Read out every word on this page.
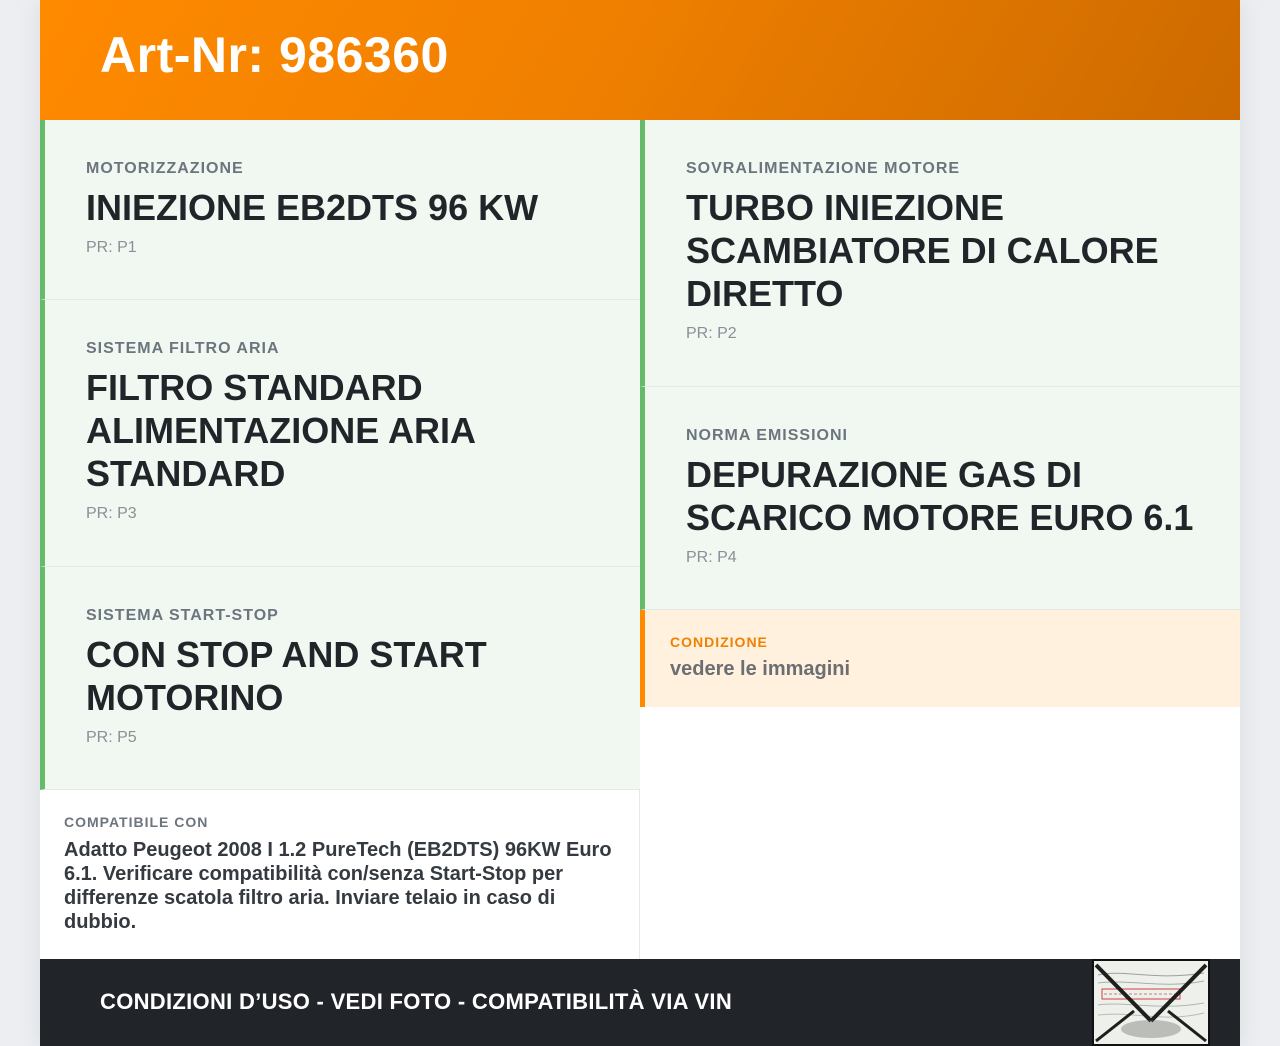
Art-Nr: 986360
MOTORIZZAZIONE
INIEZIONE EB2DTS 96 KW
PR: P1
SISTEMA FILTRO ARIA
FILTRO STANDARD ALIMENTAZIONE ARIA STANDARD
PR: P3
SISTEMA START-STOP
CON STOP AND START MOTORINO
PR: P5
COMPATIBILE CON
Adatto Peugeot 2008 I 1.2 PureTech (EB2DTS) 96KW Euro 6.1. Verificare compatibilità con/senza Start-Stop per differenze scatola filtro aria. Inviare telaio in caso di dubbio.
SOVRALIMENTAZIONE MOTORE
TURBO INIEZIONE SCAMBIATORE DI CALORE DIRETTO
PR: P2
NORMA EMISSIONI
DEPURAZIONE GAS DI SCARICO MOTORE EURO 6.1
PR: P4
CONDIZIONE
vedere le immagini
CONDIZIONI D’USO - VEDI FOTO - COMPATIBILITÀ VIA VIN
